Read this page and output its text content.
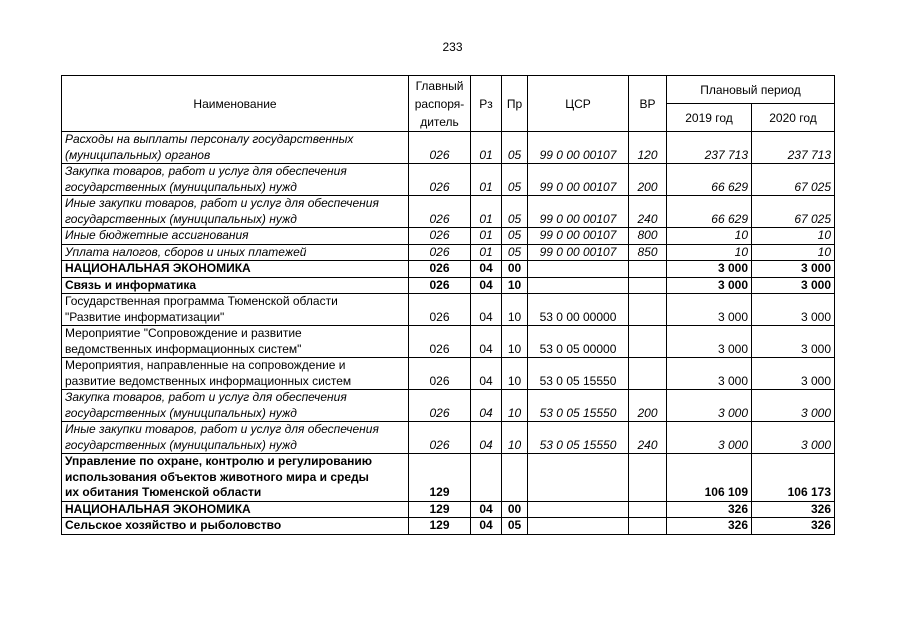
233
Наименование	Главный
распоря-
дитель	Рз	Пр	ЦСР	ВР	Плановый период	
						2019 год	2020 год

Расходы на выплаты персоналу государственных
(муниципальных) органов	026	01	05	99 0 00 00107	120	237 713	237 713

Закупка товаров, работ и услуг для обеспечения
государственных (муниципальных) нужд	026	01	05	99 0 00 00107	200	66 629	67 025

Иные закупки товаров, работ и услуг для обеспечения
государственных (муниципальных) нужд	026	01	05	99 0 00 00107	240	66 629	67 025

Иные бюджетные ассигнования	026	01	05	99 0 00 00107	800	10	10

Уплата налогов, сборов и иных платежей	026	01	05	99 0 00 00107	850	10	10

НАЦИОНАЛЬНАЯ ЭКОНОМИКА	026	04	00			3 000	3 000

Связь и информатика	026	04	10			3 000	3 000

Государственная программа Тюменской области
"Развитие информатизации"	026	04	10	53 0 00 00000		3 000	3 000

Мероприятие "Сопровождение и развитие
ведомственных информационных систем"	026	04	10	53 0 05 00000		3 000	3 000

Мероприятия, направленные на сопровождение и
развитие ведомственных информационных систем	026	04	10	53 0 05 15550		3 000	3 000

Закупка товаров, работ и услуг для обеспечения
государственных (муниципальных) нужд	026	04	10	53 0 05 15550	200	3 000	3 000

Иные закупки товаров, работ и услуг для обеспечения
государственных (муниципальных) нужд	026	04	10	53 0 05 15550	240	3 000	3 000

Управление по охране, контролю и регулированию
использования объектов животного мира и среды
их обитания Тюменской области	129					106 109	106 173

НАЦИОНАЛЬНАЯ ЭКОНОМИКА	129	04	00			326	326

Сельское хозяйство и рыболовство	129	04	05			326	326
